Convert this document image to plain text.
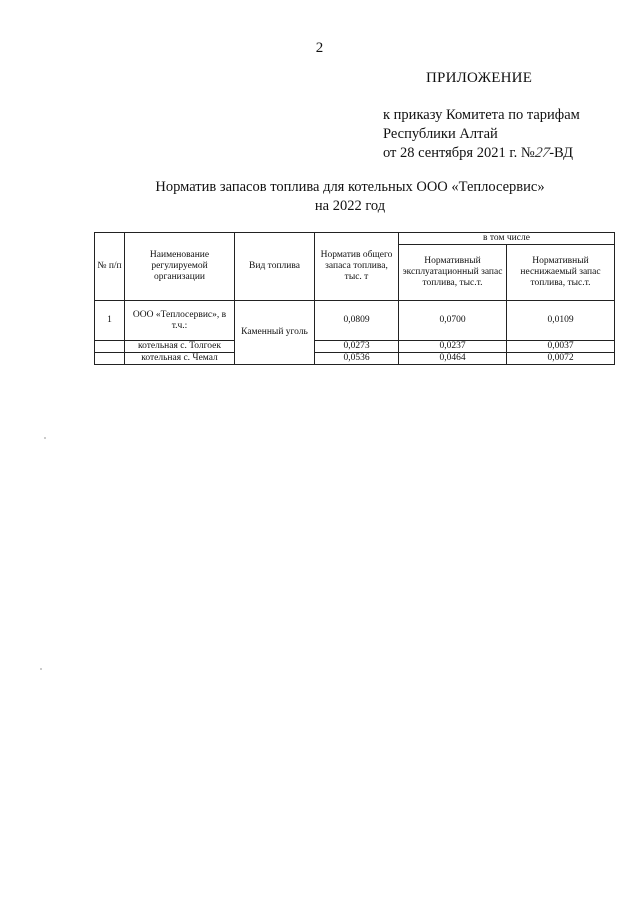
2
ПРИЛОЖЕНИЕ
к приказу Комитета по тарифам
Республики Алтай
от 28 сентября 2021 г. №27-ВД
Норматив запасов топлива для котельных ООО «Теплосервис»
на 2022 год
№ п/п	Наименование регулируемой организации	Вид топлива	Норматив общего запаса топлива, тыс. т	в том числе	
				Нормативный эксплуатационный запас топлива, тыс.т.	Нормативный неснижаемый запас топлива, тыс.т.
1	ООО «Теплосервис», в т.ч.:	Каменный уголь	0,0809	0,0700	0,0109
	котельная с. Толгоек		0,0273	0,0237	0,0037
	котельная с. Чемал		0,0536	0,0464	0,0072
